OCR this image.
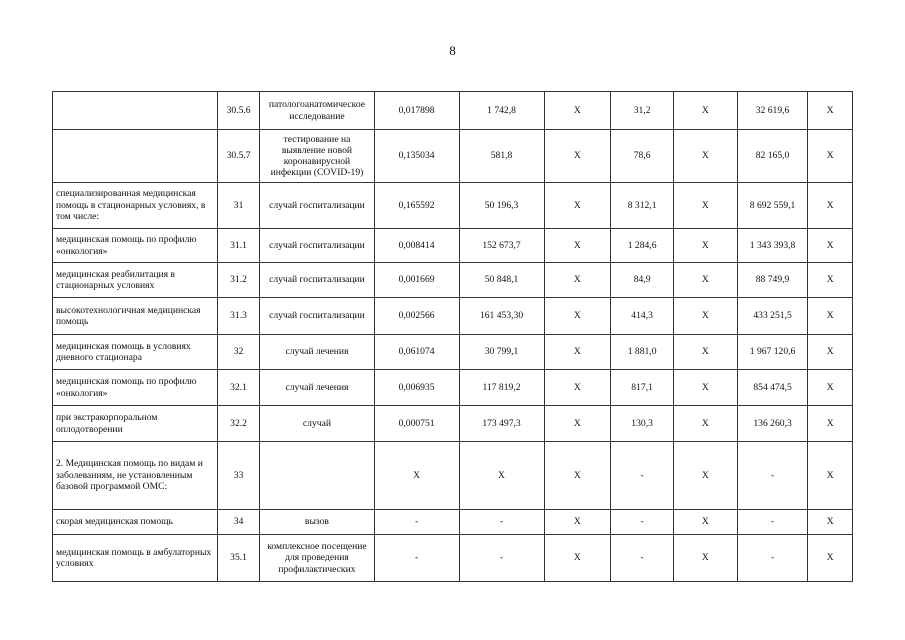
8
	30.5.6	патологоанатомическое исследование	0,017898	1 742,8	Х	31,2	Х	32 619,6	Х
	30.5.7	тестирование на выявление новой коронавирусной инфекции (COVID-19)	0,135034	581,8	Х	78,6	Х	82 165,0	Х
специализированная медицинская помощь в стационарных условиях, в том числе:	31	случай госпитализации	0,165592	50 196,3	Х	8 312,1	Х	8 692 559,1	Х
медицинская помощь по профилю «онкология»	31.1	случай госпитализации	0,008414	152 673,7	Х	1 284,6	Х	1 343 393,8	Х
медицинская реабилитация в стационарных условиях	31.2	случай госпитализации	0,001669	50 848,1	Х	84,9	Х	88 749,9	Х
высокотехнологичная медицинская помощь	31.3	случай госпитализации	0,002566	161 453,30	Х	414,3	Х	433 251,5	Х
медицинская помощь в условиях дневного стационара	32	случай лечения	0,061074	30 799,1	Х	1 881,0	Х	1 967 120,6	Х
медицинская помощь по профилю «онкология»	32.1	случай лечения	0,006935	117 819,2	Х	817,1	Х	854 474,5	Х
при экстракорпоральном оплодотворении	32.2	случай	0,000751	173 497,3	Х	130,3	Х	136 260,3	Х
2. Медицинская помощь по видам и заболеваниям, не установленным базовой программой ОМС:	33		Х	Х	Х	-	Х	-	Х
скорая медицинская помощь	34	вызов	-	-	Х	-	Х	-	Х
медицинская помощь в амбулаторных условиях	35.1	комплексное посещение для проведения профилактических	-	-	Х	-	Х	-	Х
